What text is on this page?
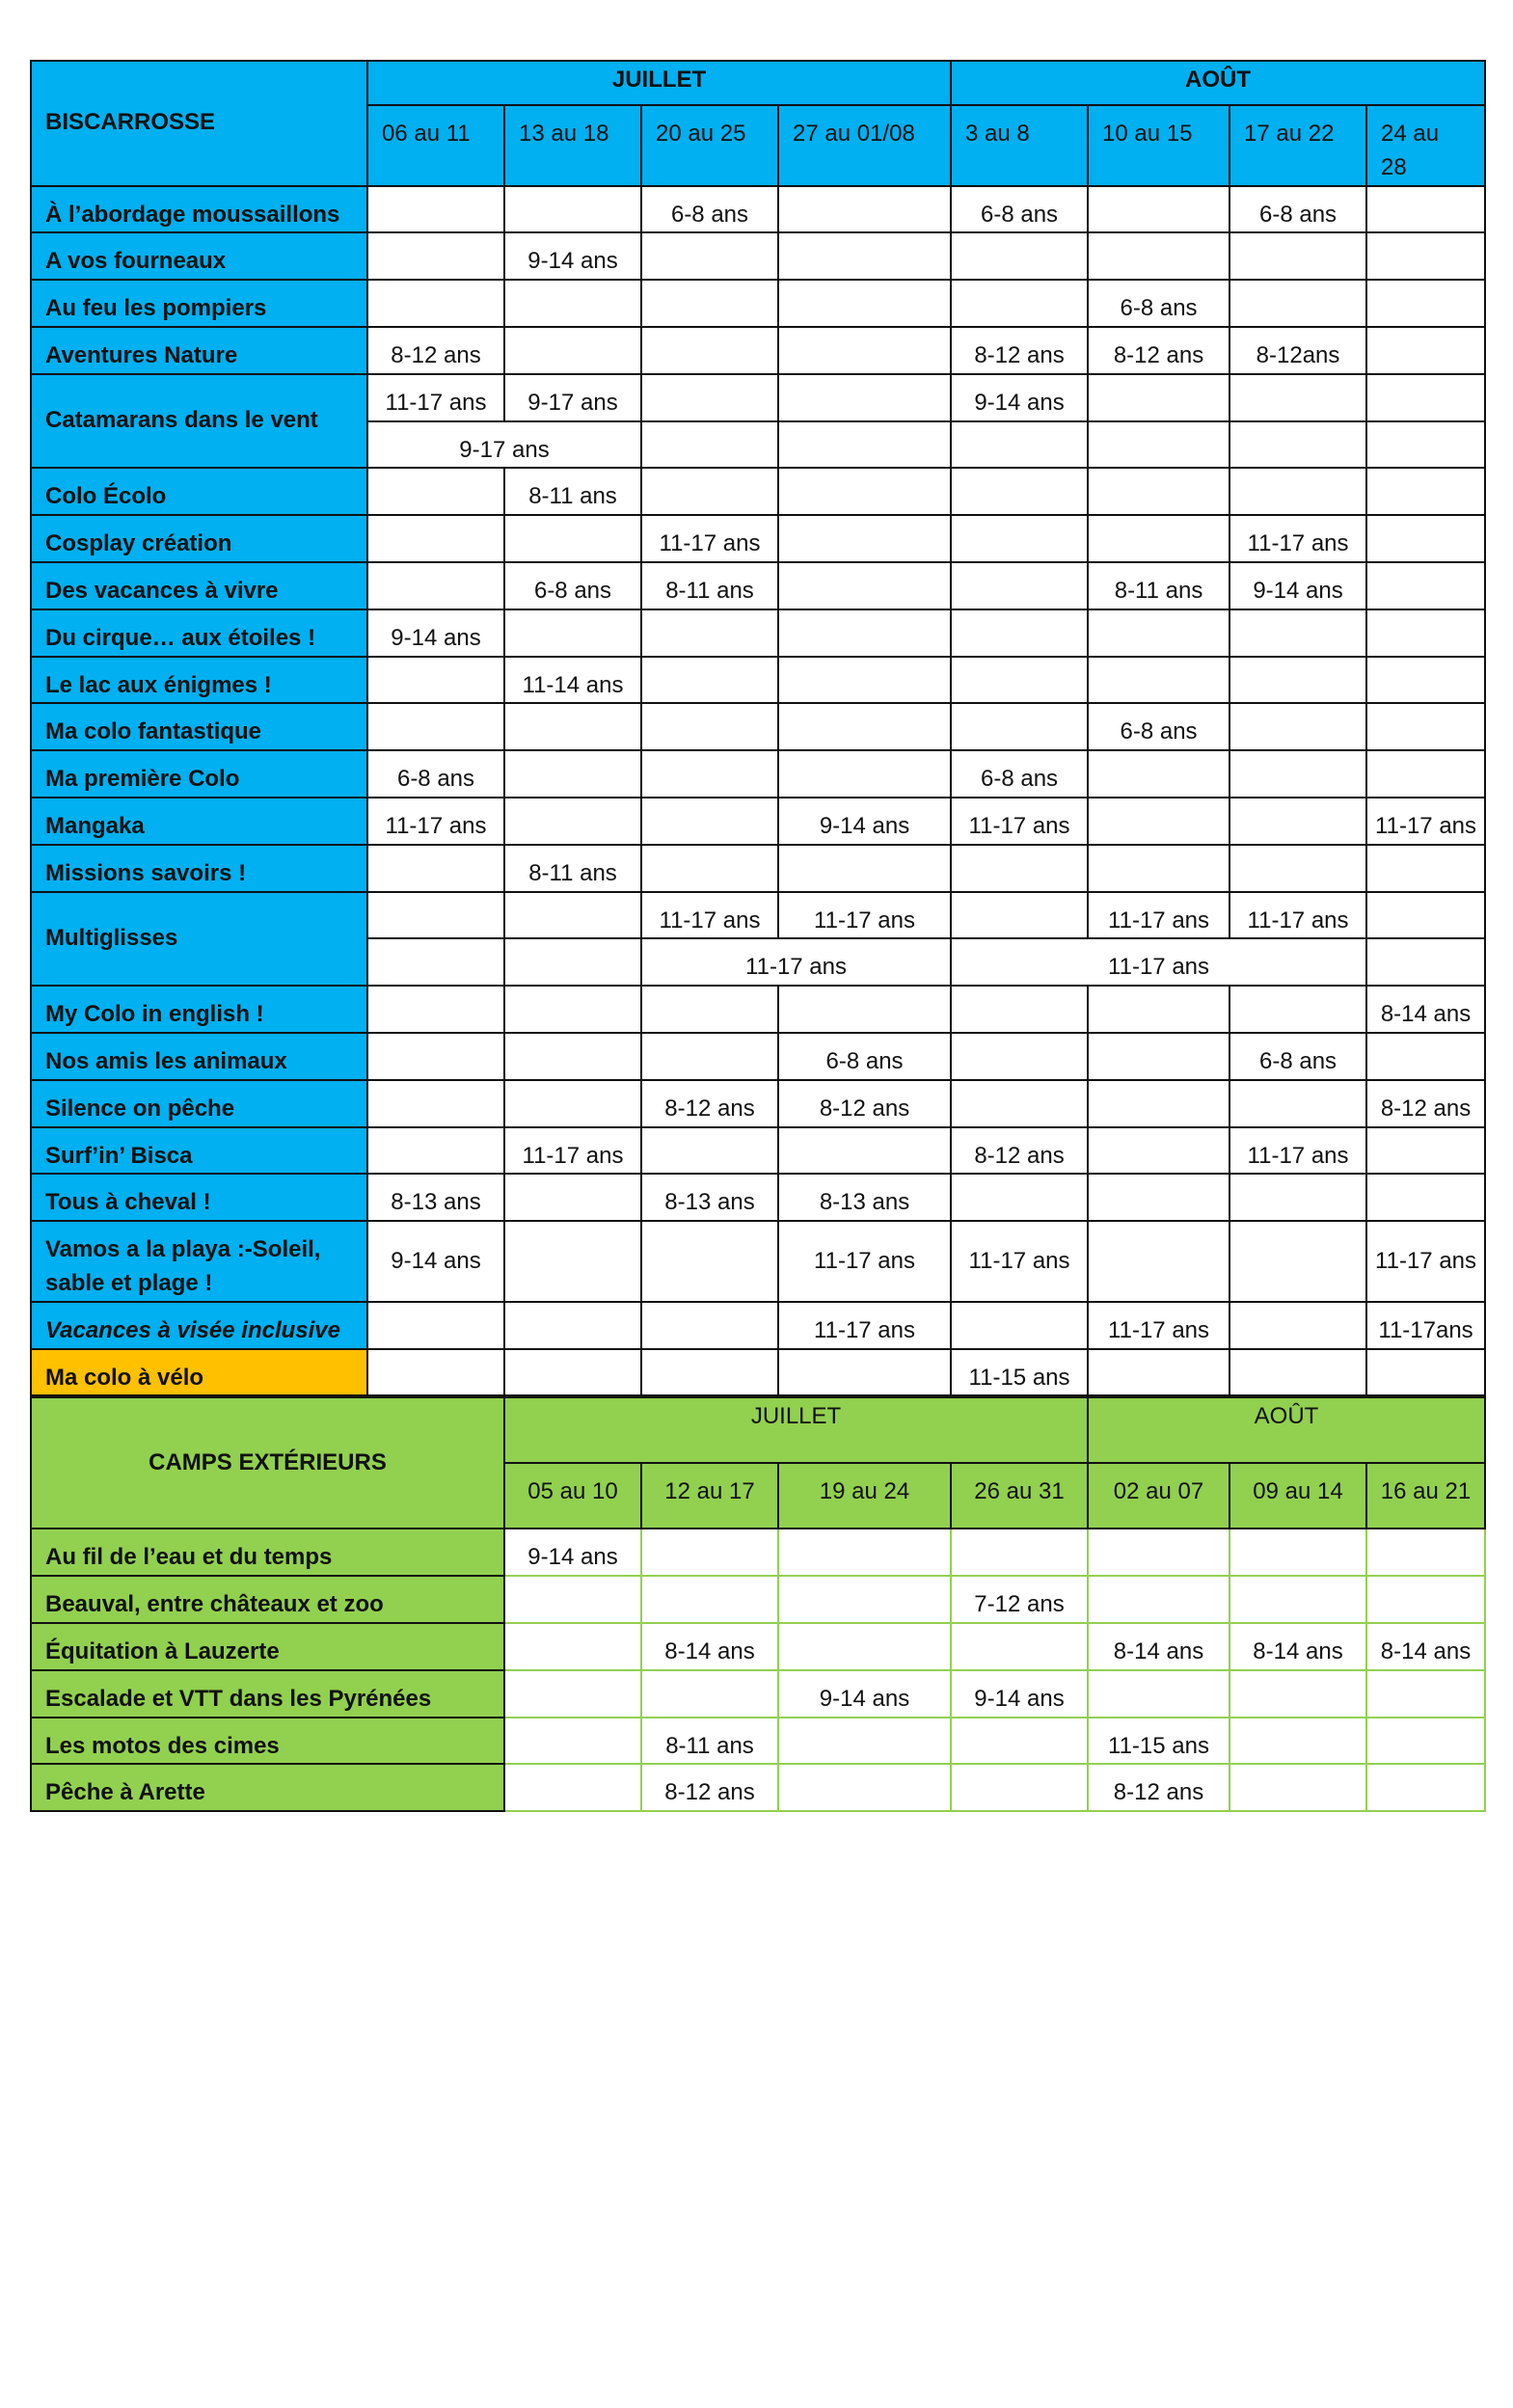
BISCARROSSE	JUILLET				AOÛT			
	06 au 11	13 au 18	20 au 25	27 au 01/08	3 au 8	10 au 15	17 au 22	24 au 28
À l’abordage moussaillons			6-8 ans		6-8 ans		6-8 ans	
A vos fourneaux		9-14 ans						
Au feu les pompiers						6-8 ans		
Aventures Nature	8-12 ans				8-12 ans	8-12 ans	8-12ans	
Catamarans dans le vent	11-17 ans	9-17 ans			9-14 ans			
	9-17 ans							
Colo Écolo		8-11 ans						
Cosplay création			11-17 ans				11-17 ans	
Des vacances à vivre		6-8 ans	8-11 ans			8-11 ans	9-14 ans	
Du cirque… aux étoiles !	9-14 ans							
Le lac aux énigmes !		11-14 ans						
Ma colo fantastique						6-8 ans		
Ma première Colo	6-8 ans				6-8 ans			
Mangaka	11-17 ans			9-14 ans	11-17 ans			11-17 ans
Missions savoirs !		8-11 ans						
Multiglisses			11-17 ans	11-17 ans		11-17 ans	11-17 ans	
			11-17 ans		11-17 ans			
My Colo in english !								8-14 ans
Nos amis les animaux				6-8 ans			6-8 ans	
Silence on pêche			8-12 ans	8-12 ans				8-12 ans
Surf’in’ Bisca		11-17 ans			8-12 ans		11-17 ans	
Tous à cheval !	8-13 ans		8-13 ans	8-13 ans				

Vamos a la playa :-Soleil,
sable et plage !	9-14 ans			11-17 ans	11-17 ans			11-17 ans
Vacances à visée inclusive				11-17 ans		11-17 ans		11-17ans
Ma colo à vélo					11-15 ans			
CAMPS EXTÉRIEURS	JUILLET				AOÛT		
	05 au 10	12 au 17	19 au 24	26 au 31	02 au 07	09 au 14	16 au 21
Au fil de l’eau et du temps	9-14 ans						
Beauval, entre châteaux et zoo				7-12 ans			
Équitation à Lauzerte		8-14 ans			8-14 ans	8-14 ans	8-14 ans
Escalade et VTT dans les Pyrénées			9-14 ans	9-14 ans			
Les motos des cimes		8-11 ans			11-15 ans		
Pêche à Arette		8-12 ans			8-12 ans		
